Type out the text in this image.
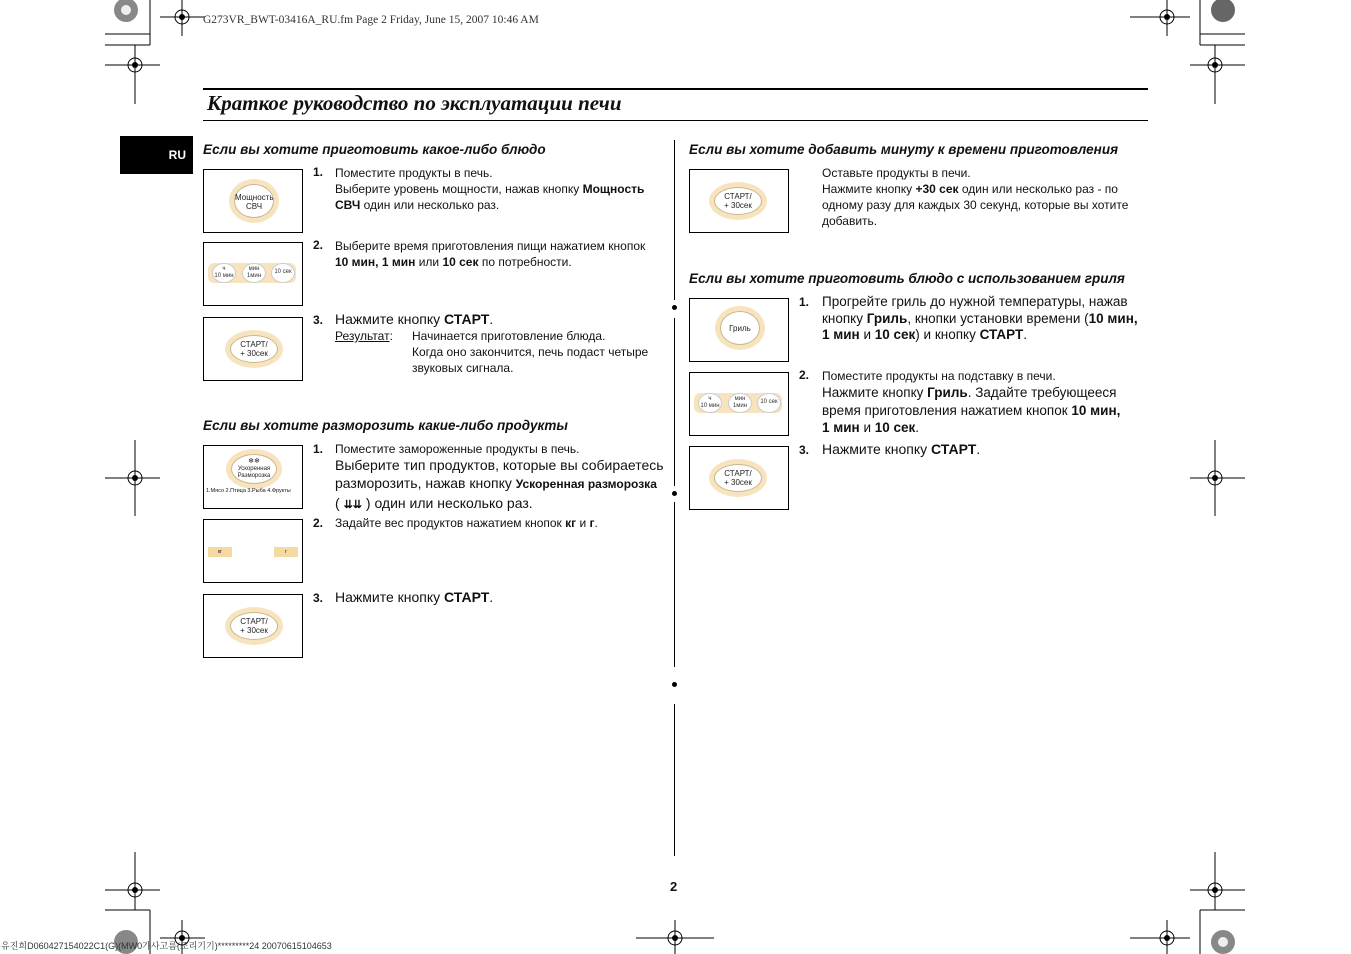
G273VR_BWT-03416A_RU.fm Page 2 Friday, June 15, 2007 10:46 AM
Краткое руководство по эксплуатации печи
RU Если вы хотите приготовить какое-либо блюдо
Мощность
СВЧ
ч
10 мин
мин
1мин
10 сек
СТАРТ/
+ 30сек
1. Поместите продукты в печь.
Выберите уровень мощности, нажав кнопку Мощность
СВЧ один или несколько раз.
2. Выберите время приготовления пищи нажатием кнопок
10 мин, 1 мин или 10 сек по потребности.
3. Нажмите кнопку СТАРТ.
Результат: Начинается приготовление блюда.
Когда оно закончится, печь подаст четыре
звуковых сигнала.
Если вы хотите разморозить какие-либо продукты
❄❄
Ускоренная
Разморозка
1.Мясо 2.Птица 3.Рыба 4.Фрукты
кг	г
СТАРТ/
+ 30сек
1. Поместите замороженные продукты в печь.
Выберите тип продуктов, которые вы собираетесь
разморозить, нажав кнопку Ускоренная разморозка
( ⇊⇊ ) один или несколько раз.
2. Задайте вес продуктов нажатием кнопок кг и г.
3. Нажмите кнопку СТАРТ.
Если вы хотите добавить минуту к времени приготовления
СТАРТ/
+ 30сек
Оставьте продукты в печи.
Нажмите кнопку +30 сек один или несколько раз - по
одному разу для каждых 30 секунд, которые вы хотите
добавить.
Если вы хотите приготовить блюдо с использованием гриля
Гриль
ч
10 мин
мин
1мин
10 сек
СТАРТ/
+ 30сек
1. Прогрейте гриль до нужной температуры, нажав
кнопку Гриль, кнопки установки времени (10 мин,
1 мин и 10 сек) и кнопку СТАРТ.
2. Поместите продукты на подставку в печи.
Нажмите кнопку Гриль. Задайте требующееся
время приготовления нажатием кнопок 10 мин,
1 мин и 10 сек.
3. Нажмите кнопку СТАРТ.
2
유진희D060427154022C1(G)(MW0가사고름(조리기기)*********24 20070615104653
